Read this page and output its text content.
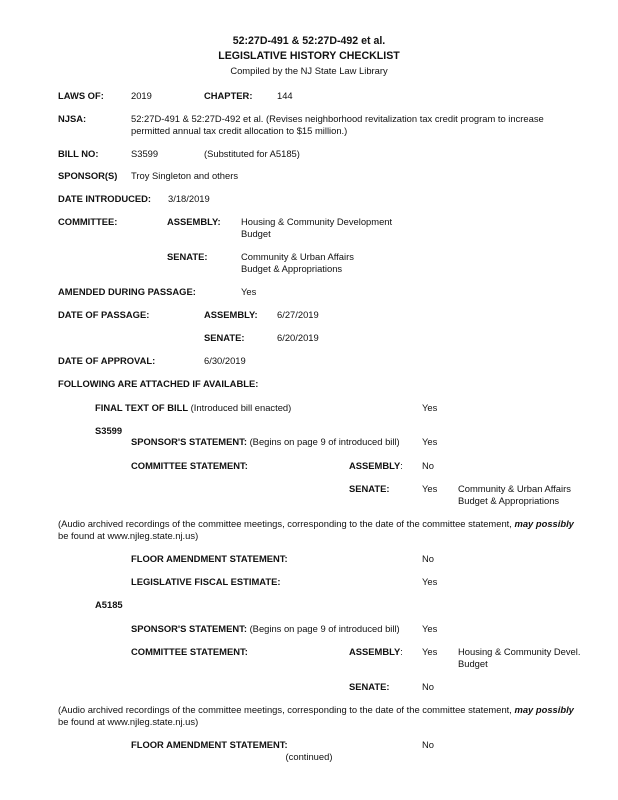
52:27D-491 & 52:27D-492 et al.
LEGISLATIVE HISTORY CHECKLIST
Compiled by the NJ State Law Library
LAWS OF:	2019	CHAPTER:	144
NJSA:	52:27D-491 & 52:27D-492 et al. (Revises neighborhood revitalization tax credit program to increase
permitted annual tax credit allocation to $15 million.)
BILL NO:	S3599	(Substituted for A5185)
SPONSOR(S) Troy Singleton and others
DATE INTRODUCED: 3/18/2019
COMMITTEE:	ASSEMBLY: Housing & Community Development
Budget
SENATE:	Community & Urban Affairs
Budget & Appropriations
AMENDED DURING PASSAGE:	Yes
DATE OF PASSAGE:	ASSEMBLY: 6/27/2019
SENATE:	6/20/2019
DATE OF APPROVAL:	6/30/2019
FOLLOWING ARE ATTACHED IF AVAILABLE:
FINAL TEXT OF BILL (Introduced bill enacted)	Yes
S3599
SPONSOR'S STATEMENT: (Begins on page 9 of introduced bill) Yes
COMMITTEE STATEMENT:	ASSEMBLY: No
SENATE:	Yes Community & Urban Affairs
Budget & Appropriations
(Audio archived recordings of the committee meetings, corresponding to the date of the committee statement, may possibly
be found at www.njleg.state.nj.us)
FLOOR AMENDMENT STATEMENT:	No
LEGISLATIVE FISCAL ESTIMATE:	Yes
A5185
SPONSOR'S STATEMENT: (Begins on page 9 of introduced bill) Yes
COMMITTEE STATEMENT:	ASSEMBLY: Yes Housing & Community Devel.
Budget
SENATE:	No
(Audio archived recordings of the committee meetings, corresponding to the date of the committee statement, may possibly
be found at www.njleg.state.nj.us)
FLOOR AMENDMENT STATEMENT:	No
(continued)
